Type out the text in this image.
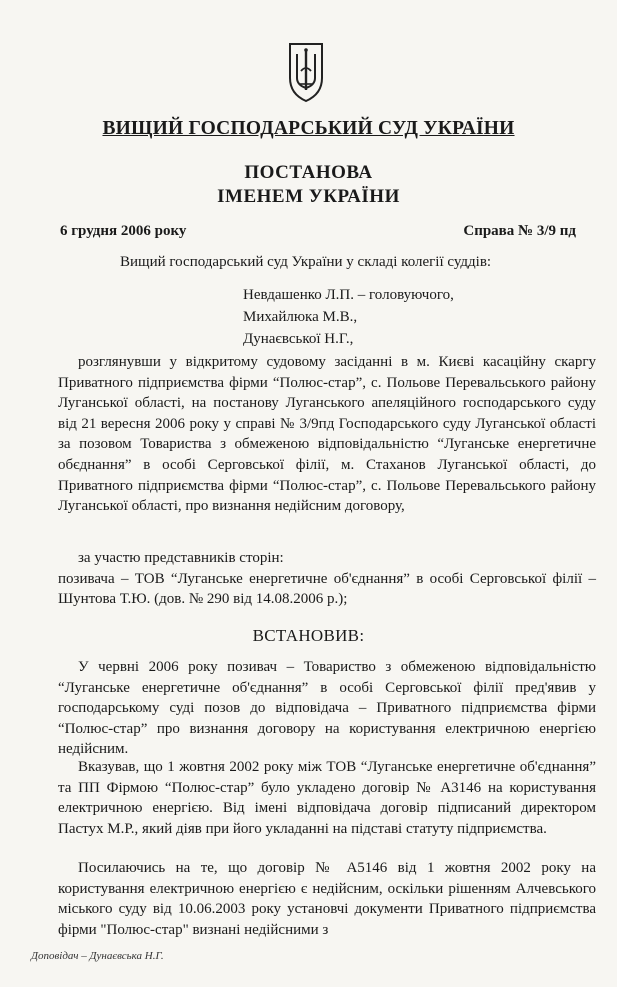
ВИЩИЙ ГОСПОДАРСЬКИЙ СУД УКРАЇНИ
ПОСТАНОВА
ІМЕНЕМ УКРАЇНИ
6 грудня 2006 року	Справа № 3/9 пд
Вищий господарський суд України у складі колегії суддів:
Невдашенко Л.П. – головуючого,
Михайлюка М.В.,
Дунаєвської Н.Г.,
розглянувши у відкритому судовому засіданні в м. Києві касаційну скаргу Приватного підприємства фірми “Полюс-стар”, с. Польове Перевальського району Луганської області, на постанову Луганського апеляційного господарського суду від 21 вересня 2006 року у справі № 3/9пд Господарського суду Луганської області за позовом Товариства з обмеженою відповідальністю “Луганське енергетичне обєднання” в особі Серговської філії, м. Стаханов Луганської області, до Приватного підприємства фірми “Полюс-стар”, с. Польове Перевальського району Луганської області, про визнання недійсним договору,
за участю представників сторін:
позивача – ТОВ “Луганське енергетичне об'єднання” в особі Серговської філії – Шунтова Т.Ю. (дов. № 290 від 14.08.2006 р.);
ВСТАНОВИВ:
У червні 2006 року позивач – Товариство з обмеженою відповідальністю “Луганське енергетичне об'єднання” в особі Серговської філії пред'явив у господарському суді позов до відповідача – Приватного підприємства фірми “Полюс-стар” про визнання договору на користування електричною енергією недійсним.
Вказував, що 1 жовтня 2002 року між ТОВ “Луганське енергетичне об'єднання” та ПП Фірмою “Полюс-стар” було укладено договір № А3146 на користування електричною енергією. Від імені відповідача договір підписаний директором Пастух М.Р., який діяв при його укладанні на підставі статуту підприємства.
Посилаючись на те, що договір № А5146 від 1 жовтня 2002 року на користування електричною енергією є недійсним, оскільки рішенням Алчевського міського суду від 10.06.2003 року установчі документи Приватного підприємства фірми "Полюс-стар" визнані недійсними з
Доповідач – Дунаєвська Н.Г.
